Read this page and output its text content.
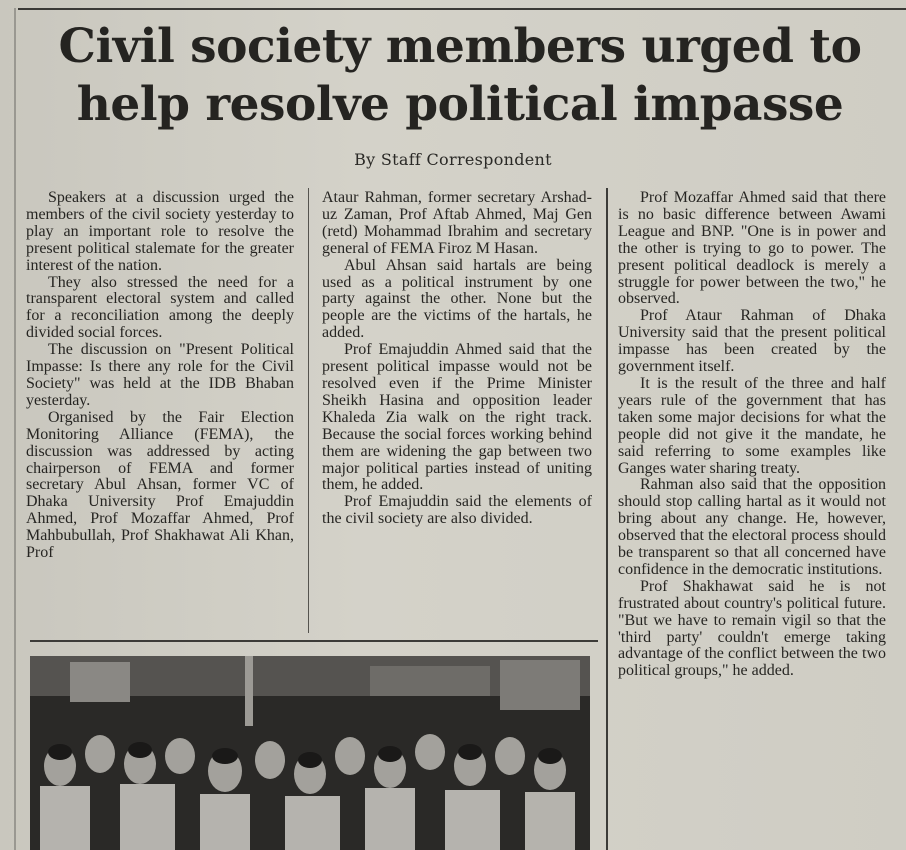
Civil society members urged to
help resolve political impasse
By Staff Correspondent

Speakers at a discussion urged the members of the civil society yesterday to play an important role to resolve the present political stalemate for the greater interest of the nation.

They also stressed the need for a transparent electoral system and called for a reconciliation among the deeply divided social forces.

The discussion on "Present Political Impasse: Is there any role for the Civil Society" was held at the IDB Bhaban yesterday.

Organised by the Fair Election Monitoring Alliance (FEMA), the discussion was addressed by acting chairperson of FEMA and former secretary Abul Ahsan, former VC of Dhaka University Prof Emajuddin Ahmed, Prof Mozaffar Ahmed, Prof Mahbubullah, Prof Shakhawat Ali Khan, Prof

Ataur Rahman, former secretary Arshad-uz Zaman, Prof Aftab Ahmed, Maj Gen (retd) Mohammad Ibrahim and secretary general of FEMA Firoz M Hasan.

Abul Ahsan said hartals are being used as a political instrument by one party against the other. None but the people are the victims of the hartals, he added.

Prof Emajuddin Ahmed said that the present political impasse would not be resolved even if the Prime Minister Sheikh Hasina and opposition leader Khaleda Zia walk on the right track. Because the social forces working behind them are widening the gap between two major political parties instead of uniting them, he added.

Prof Emajuddin said the elements of the civil society are also divided.

Prof Mozaffar Ahmed said that there is no basic difference between Awami League and BNP. "One is in power and the other is trying to go to power. The present political deadlock is merely a struggle for power between the two," he observed.

Prof Ataur Rahman of Dhaka University said that the present political impasse has been created by the government itself.

It is the result of the three and half years rule of the government that has taken some major decisions for what the people did not give it the mandate, he said referring to some examples like Ganges water sharing treaty.

Rahman also said that the opposition should stop calling hartal as it would not bring about any change. He, however, observed that the electoral process should be transparent so that all concerned have confidence in the democratic institutions.

Prof Shakhawat said he is not frustrated about country's political future. "But we have to remain vigil so that the 'third party' couldn't emerge taking advantage of the conflict between the two political groups," he added.
